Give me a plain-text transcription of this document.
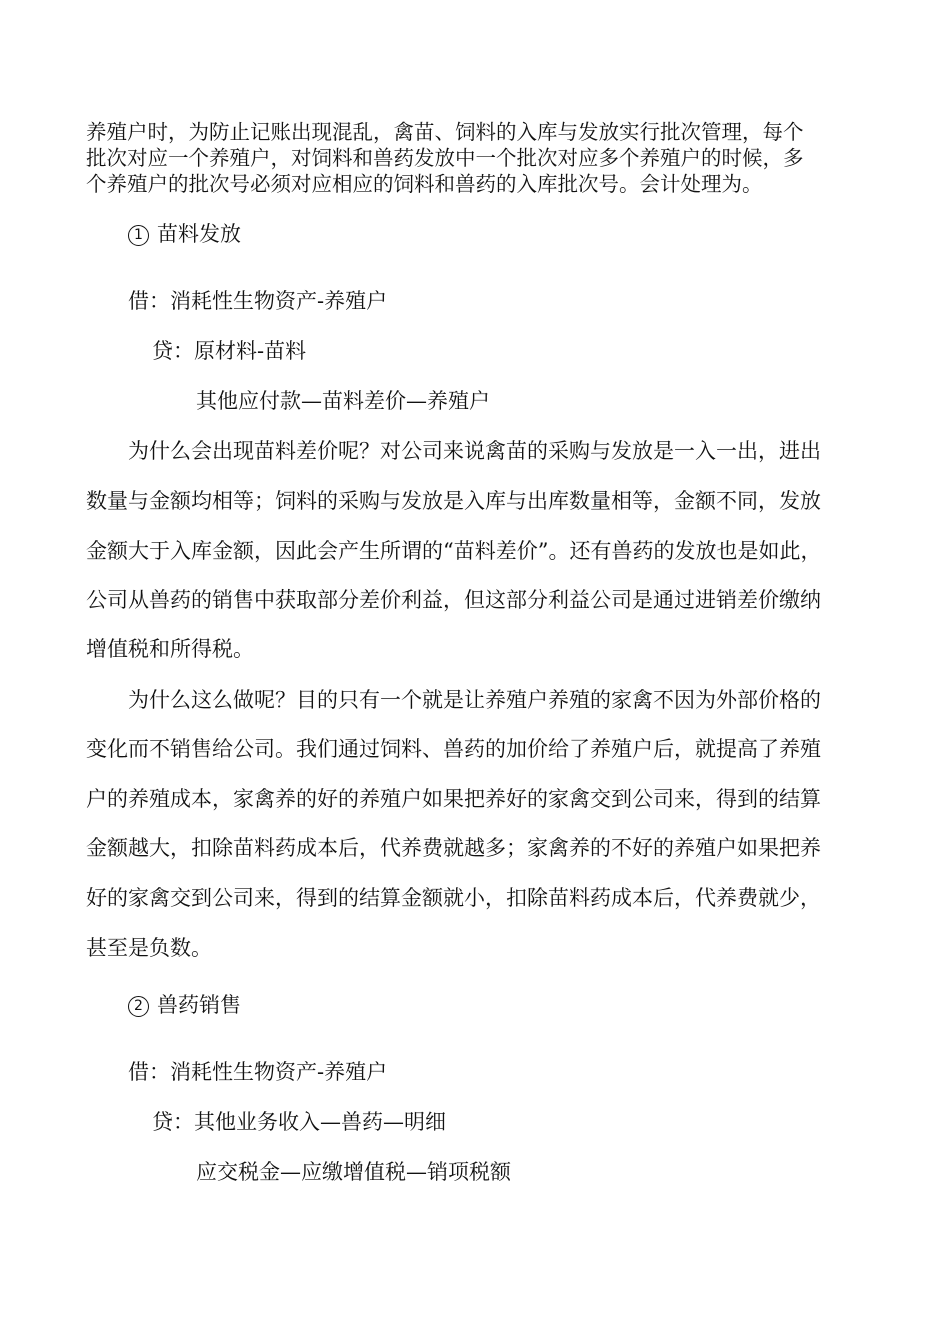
养殖户时，为防止记账出现混乱，禽苗、饲料的入库与发放实行批次管理，每个
批次对应一个养殖户，对饲料和兽药发放中一个批次对应多个养殖户的时候，多
个养殖户的批次号必须对应相应的饲料和兽药的入库批次号。会计处理为。
1 苗料发放
借：消耗性生物资产-养殖户
贷：原材料-苗料
其他应付款—苗料差价—养殖户
为什么会出现苗料差价呢？对公司来说禽苗的采购与发放是一入一出，进出
数量与金额均相等；饲料的采购与发放是入库与出库数量相等，金额不同，发放
金额大于入库金额，因此会产生所谓的“苗料差价”。还有兽药的发放也是如此，
公司从兽药的销售中获取部分差价利益，但这部分利益公司是通过进销差价缴纳
增值税和所得税。
为什么这么做呢？目的只有一个就是让养殖户养殖的家禽不因为外部价格的
变化而不销售给公司。我们通过饲料、兽药的加价给了养殖户后，就提高了养殖
户的养殖成本，家禽养的好的养殖户如果把养好的家禽交到公司来，得到的结算
金额越大，扣除苗料药成本后，代养费就越多；家禽养的不好的养殖户如果把养
好的家禽交到公司来，得到的结算金额就小，扣除苗料药成本后，代养费就少，
甚至是负数。
2 兽药销售
借：消耗性生物资产-养殖户
贷：其他业务收入—兽药—明细
应交税金—应缴增值税—销项税额
